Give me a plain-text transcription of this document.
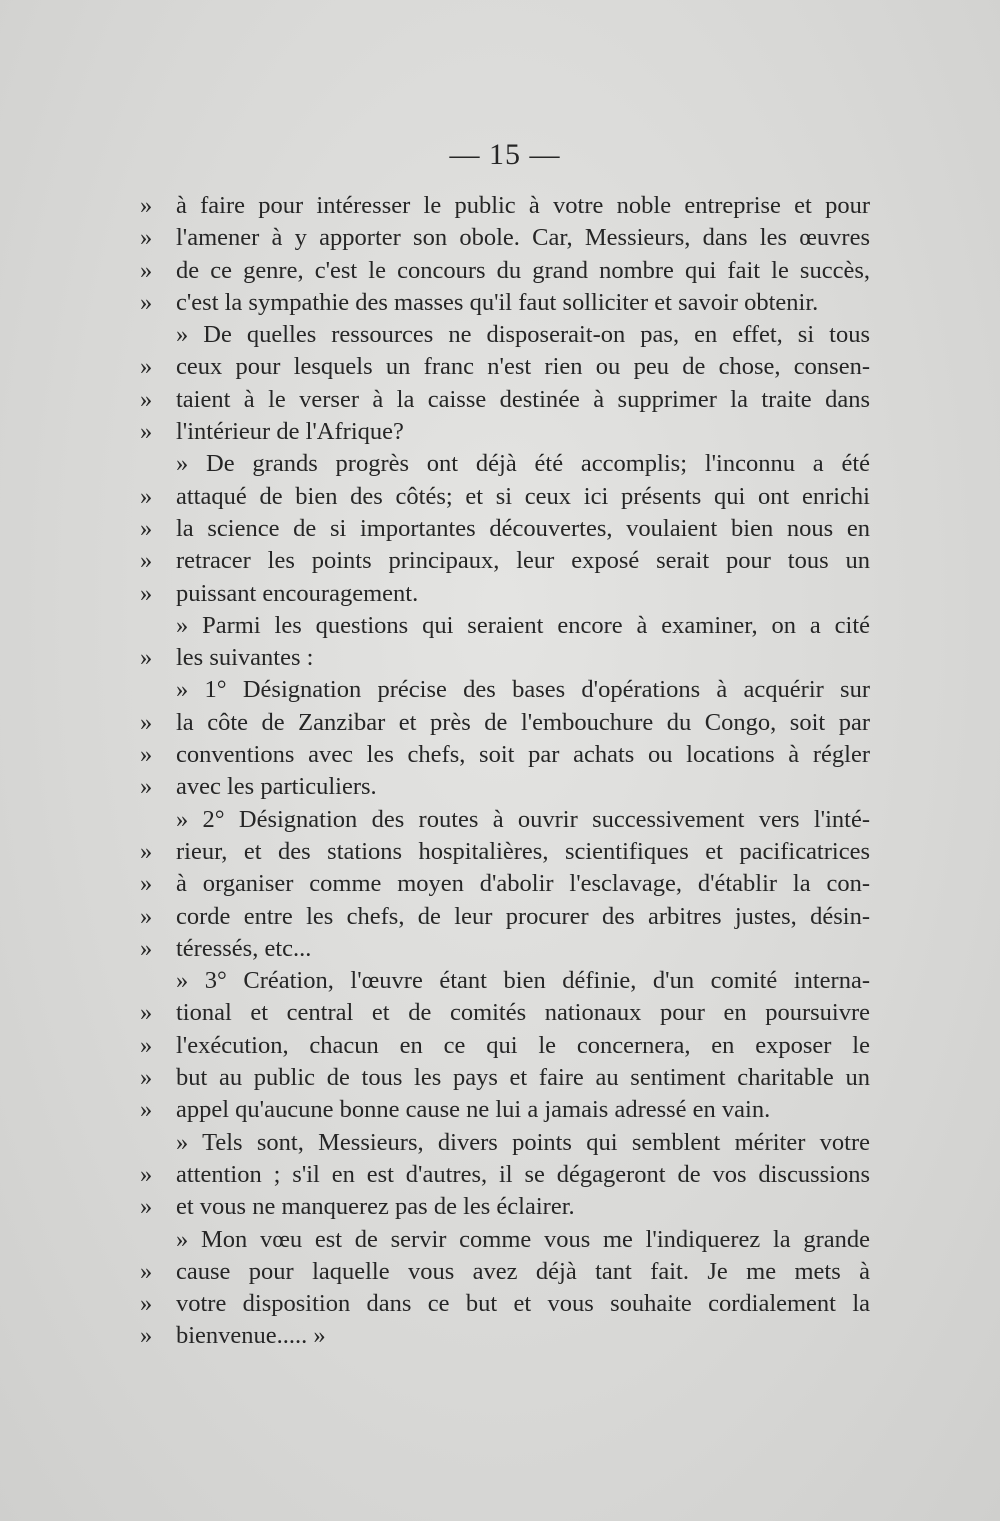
— 15 —
» à faire pour intéresser le public à votre noble entreprise et pour
» l'amener à y apporter son obole. Car, Messieurs, dans les œuvres
» de ce genre, c'est le concours du grand nombre qui fait le succès,
» c'est la sympathie des masses qu'il faut solliciter et savoir obtenir.
» De quelles ressources ne disposerait-on pas, en effet, si tous
» ceux pour lesquels un franc n'est rien ou peu de chose, consen-
» taient à le verser à la caisse destinée à supprimer la traite dans
» l'intérieur de l'Afrique?
» De grands progrès ont déjà été accomplis; l'inconnu a été
» attaqué de bien des côtés; et si ceux ici présents qui ont enrichi
» la science de si importantes découvertes, voulaient bien nous en
» retracer les points principaux, leur exposé serait pour tous un
» puissant encouragement.
» Parmi les questions qui seraient encore à examiner, on a cité
» les suivantes :
» 1° Désignation précise des bases d'opérations à acquérir sur
» la côte de Zanzibar et près de l'embouchure du Congo, soit par
» conventions avec les chefs, soit par achats ou locations à régler
» avec les particuliers.
» 2° Désignation des routes à ouvrir successivement vers l'inté-
» rieur, et des stations hospitalières, scientifiques et pacificatrices
» à organiser comme moyen d'abolir l'esclavage, d'établir la con-
» corde entre les chefs, de leur procurer des arbitres justes, désin-
» téressés, etc...
» 3° Création, l'œuvre étant bien définie, d'un comité interna-
» tional et central et de comités nationaux pour en poursuivre
» l'exécution, chacun en ce qui le concernera, en exposer le
» but au public de tous les pays et faire au sentiment charitable un
» appel qu'aucune bonne cause ne lui a jamais adressé en vain.
» Tels sont, Messieurs, divers points qui semblent mériter votre
» attention ; s'il en est d'autres, il se dégageront de vos discussions
» et vous ne manquerez pas de les éclairer.
» Mon vœu est de servir comme vous me l'indiquerez la grande
» cause pour laquelle vous avez déjà tant fait. Je me mets à
» votre disposition dans ce but et vous souhaite cordialement la
» bienvenue..... »
